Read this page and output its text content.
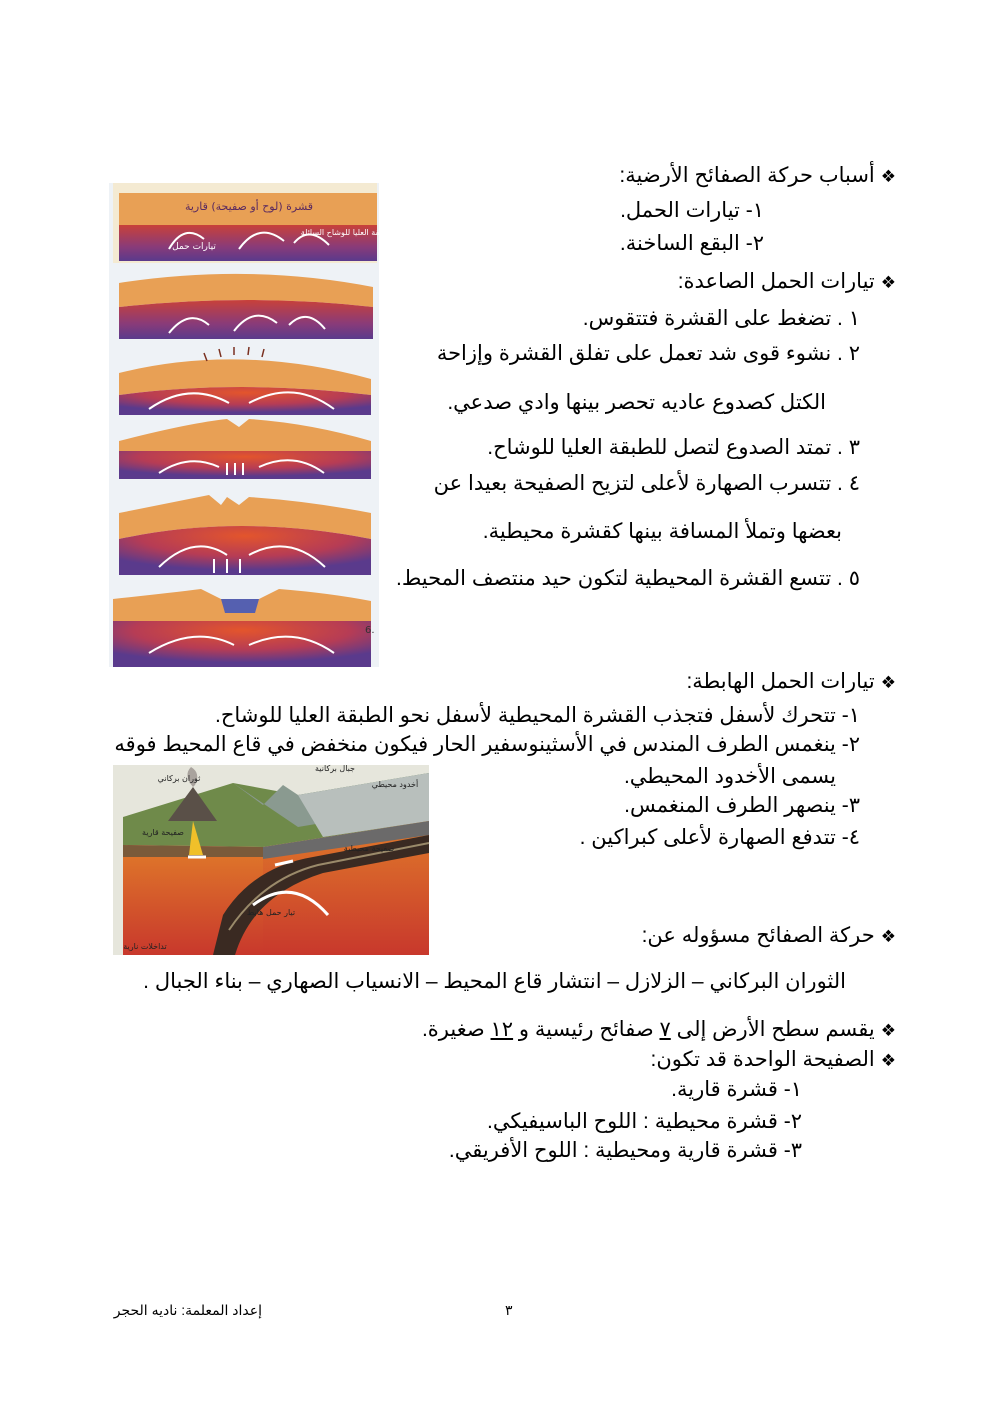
❖أسباب حركة الصفائح الأرضية:
١- تيارات الحمل.
٢- البقع الساخنة.
❖تيارات الحمل الصاعدة:
١ . تضغط على القشرة فتتقوس.
٢ . نشوء قوى شد تعمل على تفلق القشرة وإزاحة
الكتل كصدوع عاديه تحصر بينها وادي صدعي.
٣ . تمتد الصدوع لتصل للطبقة العليا للوشاح.
٤ . تتسرب الصهارة لأعلى لتزيح الصفيحة بعيدا عن
بعضها وتملأ المسافة بينها كقشرة محيطية.
٥ . تتسع القشرة المحيطية لتكون حيد منتصف المحيط.
قشرة (لوح أو صفيحة) قارية
تيارات حمل
الطبقة العليا للوشاح السائلة
6.
❖تيارات الحمل الهابطة:
١- تتحرك لأسفل فتجذب القشرة المحيطية لأسفل نحو الطبقة العليا للوشاح.
٢- ينغمس الطرف المندس في الأسثينوسفير الحار فيكون منخفض في قاع المحيط فوقه
يسمى الأخدود المحيطي.
٣- ينصهر الطرف المنغمس.
٤- تتدفع الصهارة لأعلى كبراكين .
جبال بركانية
ثوران بركاني
أخدود محيطي
صفيحة قارية
صفيحة محيطية
تيار حمل هابط
تداخلات نارية
❖حركة الصفائح مسؤوله عن:
الثوران البركاني – الزلازل – انتشار قاع المحيط – الانسياب الصهاري – بناء الجبال .
❖يقسم سطح الأرض إلى ٧ صفائح رئيسية و ١٢ صغيرة.
❖الصفيحة الواحدة قد تكون:
١- قشرة قارية.
٢- قشرة محيطية : اللوح الباسيفيكي.
٣- قشرة قارية ومحيطية : اللوح الأفريقي.
٣
إعداد المعلمة: ناديه الحجر
